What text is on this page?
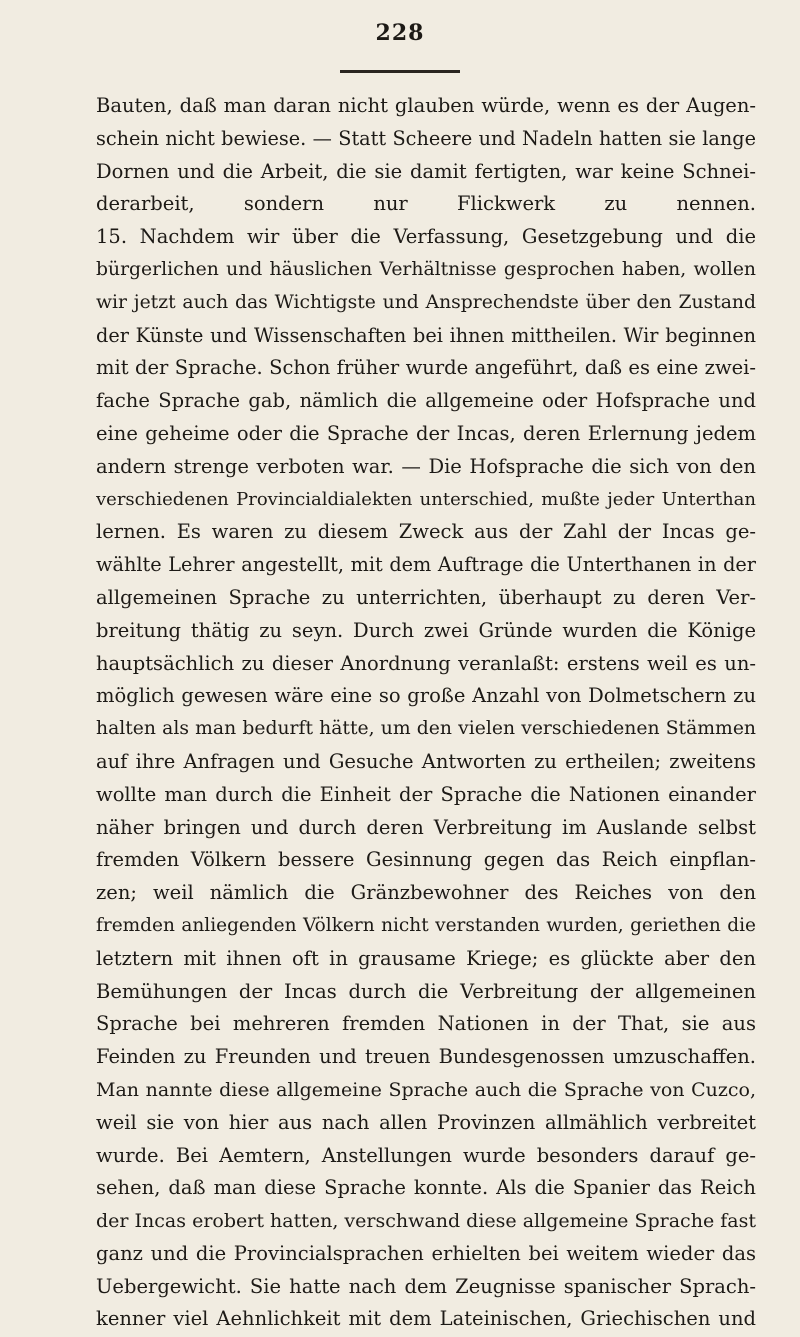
228
Bauten, daß man daran nicht glauben würde, wenn es der Augen-
schein nicht bewiese. — Statt Scheere und Nadeln hatten sie lange
Dornen und die Arbeit, die sie damit fertigten, war keine Schnei-
derarbeit, sondern nur Flickwerk zu nennen.
15. Nachdem wir über die Verfassung, Gesetzgebung und die
bürgerlichen und häuslichen Verhältnisse gesprochen haben, wollen
wir jetzt auch das Wichtigste und Ansprechendste über den Zustand
der Künste und Wissenschaften bei ihnen mittheilen. Wir beginnen
mit der Sprache. Schon früher wurde angeführt, daß es eine zwei-
fache Sprache gab, nämlich die allgemeine oder Hofsprache und
eine geheime oder die Sprache der Incas, deren Erlernung jedem
andern strenge verboten war. — Die Hofsprache die sich von den
verschiedenen Provincialdialekten unterschied, mußte jeder Unterthan
lernen. Es waren zu diesem Zweck aus der Zahl der Incas ge-
wählte Lehrer angestellt, mit dem Auftrage die Unterthanen in der
allgemeinen Sprache zu unterrichten, überhaupt zu deren Ver-
breitung thätig zu seyn. Durch zwei Gründe wurden die Könige
hauptsächlich zu dieser Anordnung veranlaßt: erstens weil es un-
möglich gewesen wäre eine so große Anzahl von Dolmetschern zu
halten als man bedurft hätte, um den vielen verschiedenen Stämmen
auf ihre Anfragen und Gesuche Antworten zu ertheilen; zweitens
wollte man durch die Einheit der Sprache die Nationen einander
näher bringen und durch deren Verbreitung im Auslande selbst
fremden Völkern bessere Gesinnung gegen das Reich einpflan-
zen; weil nämlich die Gränzbewohner des Reiches von den
fremden anliegenden Völkern nicht verstanden wurden, geriethen die
letztern mit ihnen oft in grausame Kriege; es glückte aber den
Bemühungen der Incas durch die Verbreitung der allgemeinen
Sprache bei mehreren fremden Nationen in der That, sie aus
Feinden zu Freunden und treuen Bundesgenossen umzuschaffen.
Man nannte diese allgemeine Sprache auch die Sprache von Cuzco,
weil sie von hier aus nach allen Provinzen allmählich verbreitet
wurde. Bei Aemtern, Anstellungen wurde besonders darauf ge-
sehen, daß man diese Sprache konnte. Als die Spanier das Reich
der Incas erobert hatten, verschwand diese allgemeine Sprache fast
ganz und die Provincialsprachen erhielten bei weitem wieder das
Uebergewicht. Sie hatte nach dem Zeugnisse spanischer Sprach-
kenner viel Aehnlichkeit mit dem Lateinischen, Griechischen und
